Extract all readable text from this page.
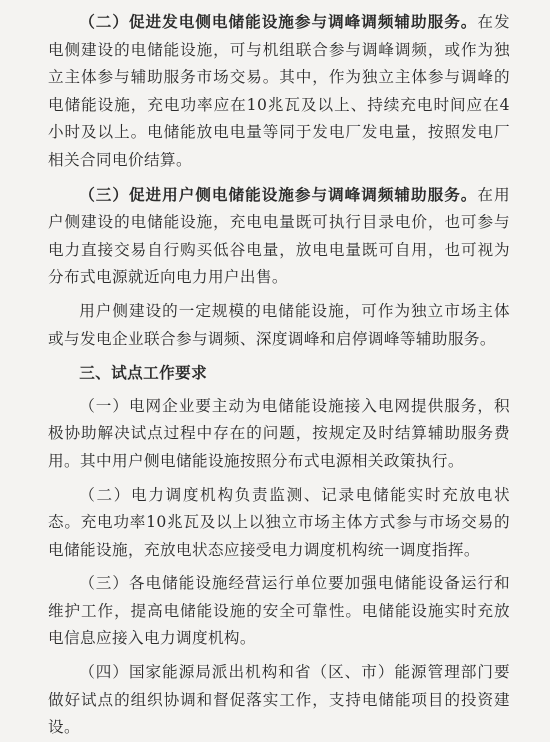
（二）促进发电侧电储能设施参与调峰调频辅助服务。在发电侧建设的电储能设施，可与机组联合参与调峰调频，或作为独立主体参与辅助服务市场交易。其中，作为独立主体参与调峰的电储能设施，充电功率应在10兆瓦及以上、持续充电时间应在4小时及以上。电储能放电电量等同于发电厂发电量，按照发电厂相关合同电价结算。

（三）促进用户侧电储能设施参与调峰调频辅助服务。在用户侧建设的电储能设施，充电电量既可执行目录电价，也可参与电力直接交易自行购买低谷电量，放电电量既可自用，也可视为分布式电源就近向电力用户出售。

用户侧建设的一定规模的电储能设施，可作为独立市场主体或与发电企业联合参与调频、深度调峰和启停调峰等辅助服务。

三、试点工作要求

（一）电网企业要主动为电储能设施接入电网提供服务，积极协助解决试点过程中存在的问题，按规定及时结算辅助服务费用。其中用户侧电储能设施按照分布式电源相关政策执行。

（二）电力调度机构负责监测、记录电储能实时充放电状态。充电功率10兆瓦及以上以独立市场主体方式参与市场交易的电储能设施，充放电状态应接受电力调度机构统一调度指挥。

（三）各电储能设施经营运行单位要加强电储能设备运行和维护工作，提高电储能设施的安全可靠性。电储能设施实时充放电信息应接入电力调度机构。

（四）国家能源局派出机构和省（区、市）能源管理部门要做好试点的组织协调和督促落实工作，支持电储能项目的投资建设。
